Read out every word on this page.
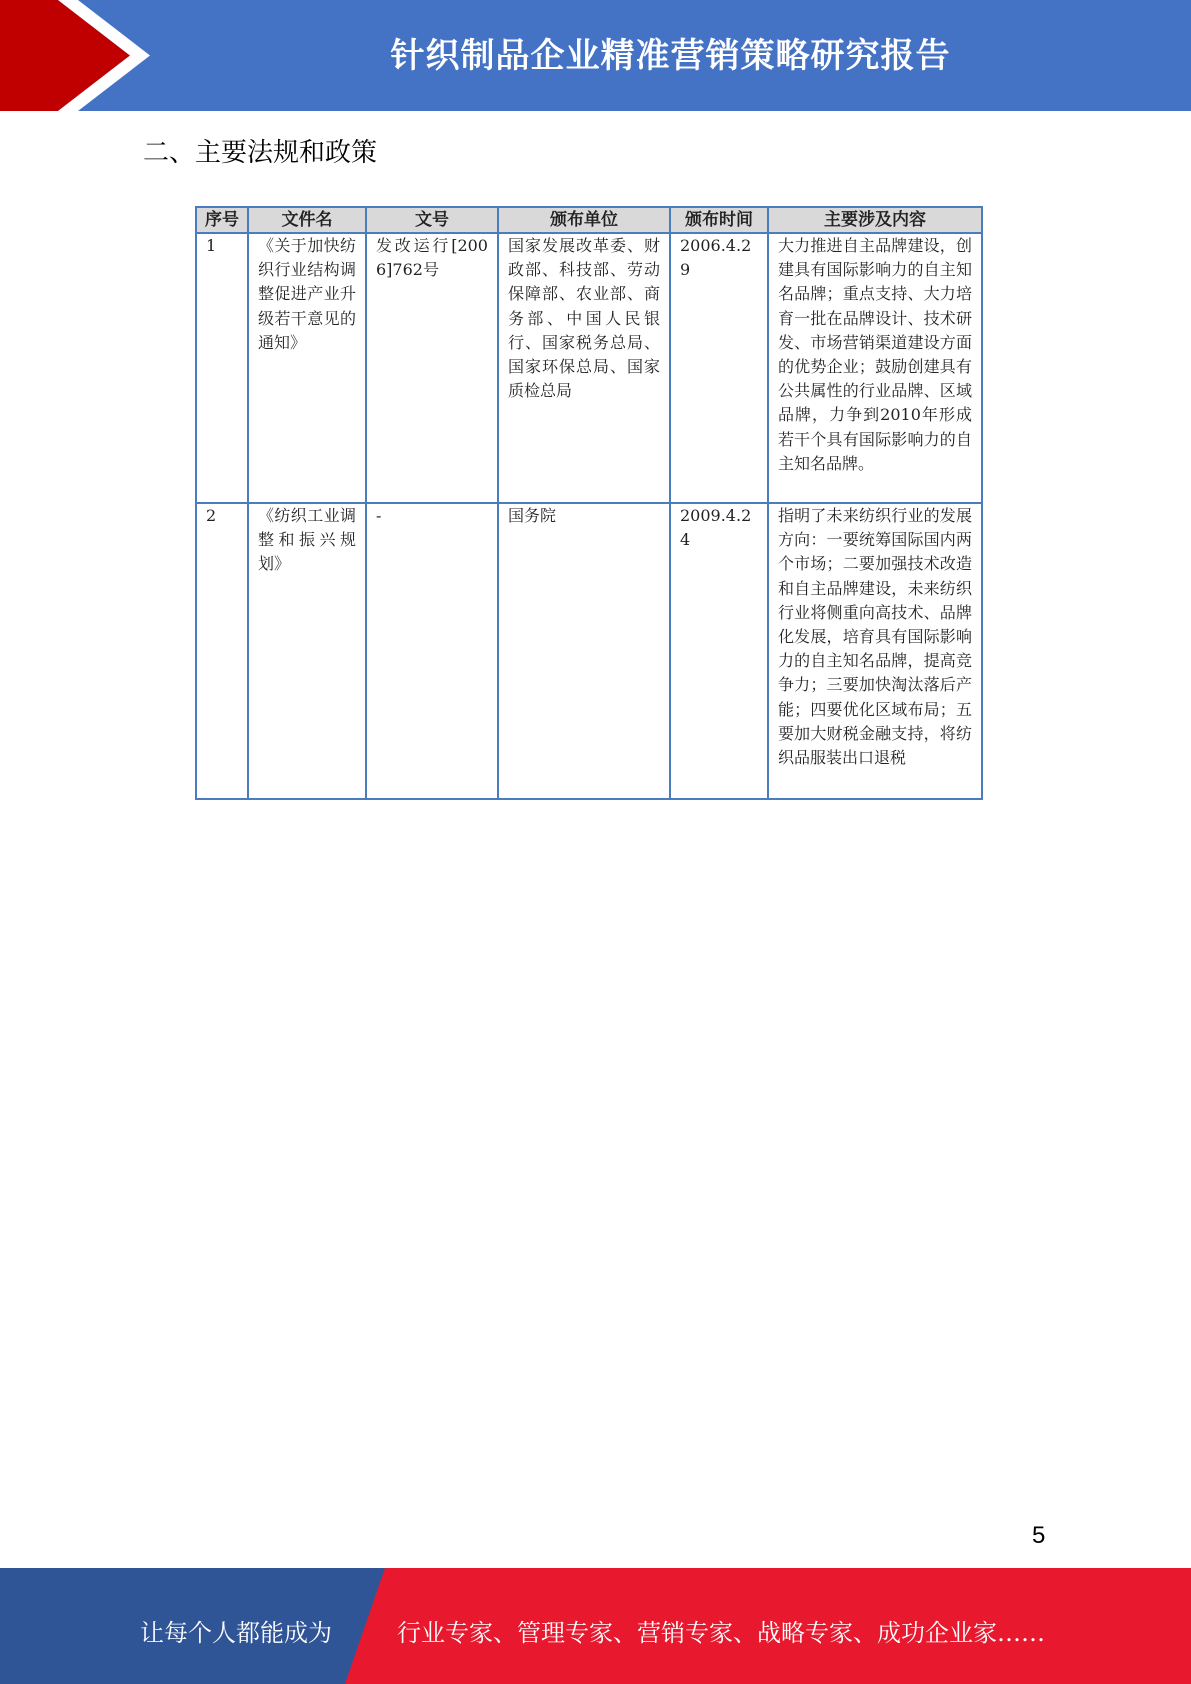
针织制品企业精准营销策略研究报告
二、主要法规和政策
序号	文件名	文号	颁布单位	颁布时间	主要涉及内容

1	《关于加快纺织行业结构调整促进产业升级若干意见的通知》	发改运行[2006]762号	国家发展改革委、财政部、科技部、劳动保障部、农业部、商务部、中国人民银行、国家税务总局、国家环保总局、国家质检总局	2006.4.29	大力推进自主品牌建设，创建具有国际影响力的自主知名品牌；重点支持、大力培育一批在品牌设计、技术研发、市场营销渠道建设方面的优势企业；鼓励创建具有公共属性的行业品牌、区域品牌，力争到2010年形成若干个具有国际影响力的自主知名品牌。

2	《纺织工业调整和振兴规划》	-	国务院	2009.4.24	指明了未来纺织行业的发展方向：一要统筹国际国内两个市场；二要加强技术改造和自主品牌建设，未来纺织行业将侧重向高技术、品牌化发展，培育具有国际影响力的自主知名品牌，提高竞争力；三要加快淘汰落后产能；四要优化区域布局；五要加大财税金融支持，将纺织品服装出口退税
5
让每个人都能成为	行业专家、管理专家、营销专家、战略专家、成功企业家……
